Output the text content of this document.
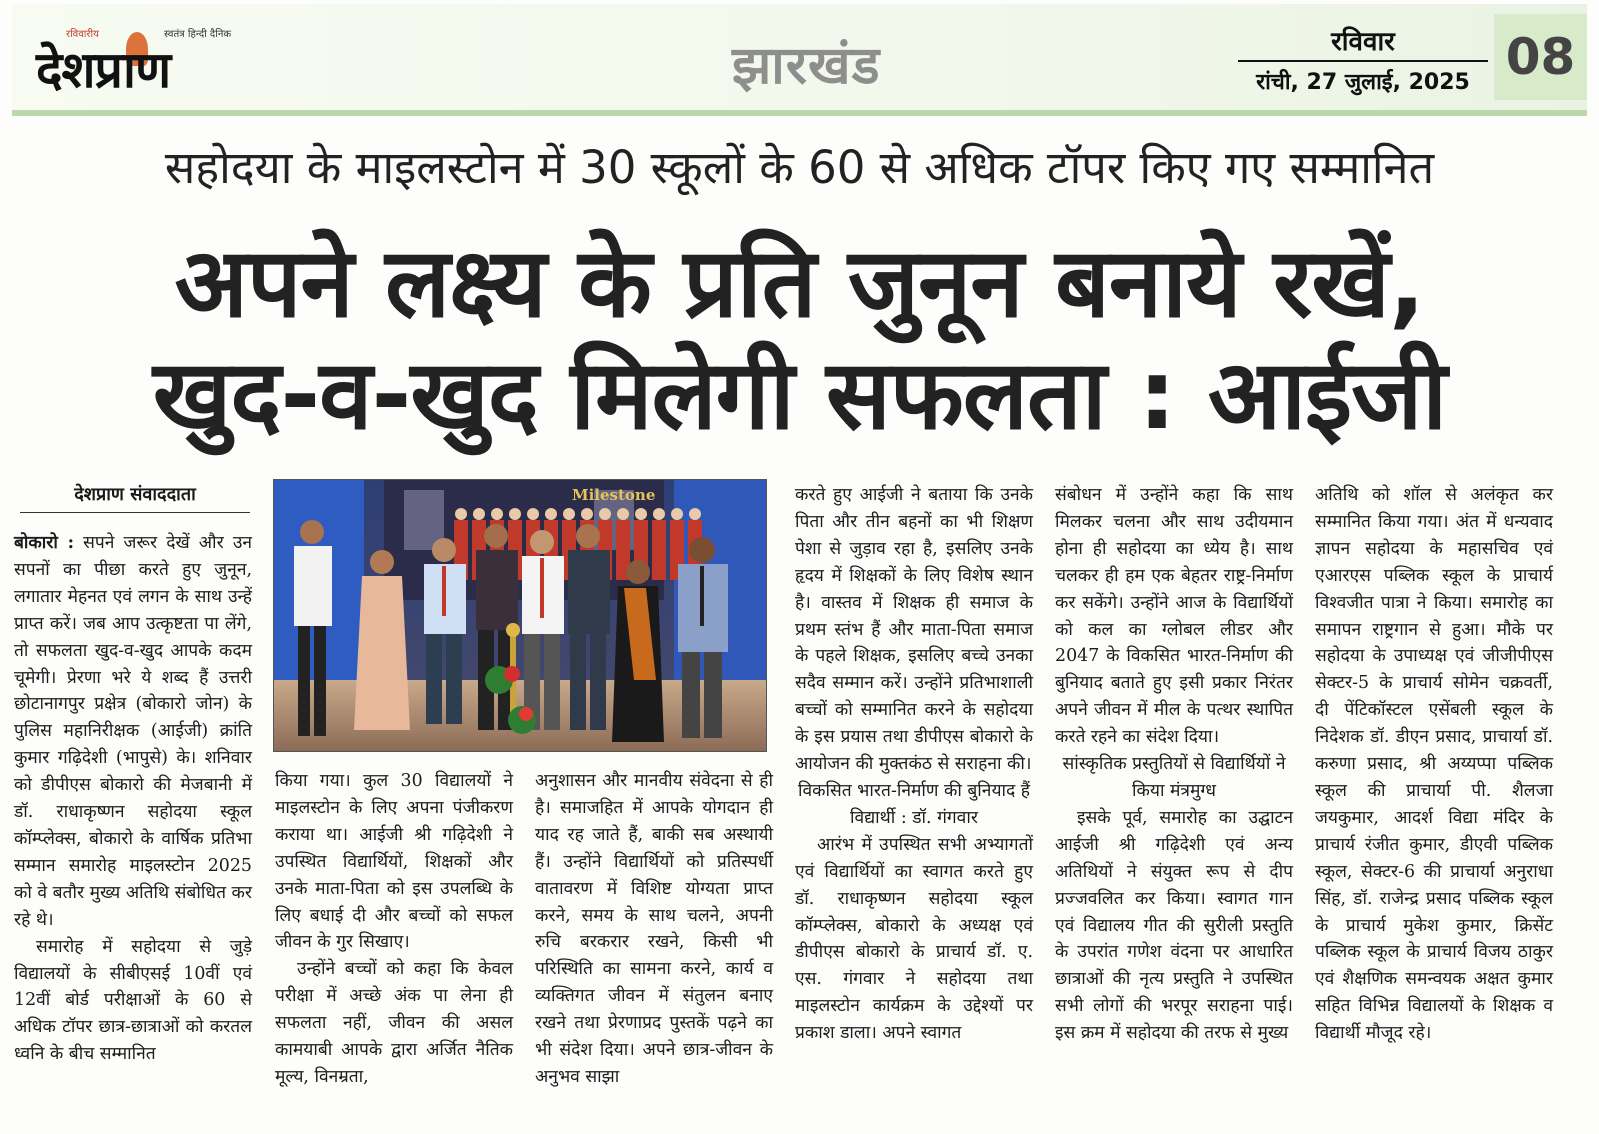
रविवारीय	स्वतंत्र हिन्दी दैनिक
देशप्राण	झारखंड	रविवार
रांची, 27 जुलाई, 2025 08
सहोदया के माइलस्टोन में 30 स्कूलों के 60 से अधिक टॉपर किए गए सम्मानित
अपने लक्ष्य के प्रति जुनून बनाये रखें,
खुद-व-खुद मिलेगी सफलता : आईजी
देशप्राण संवाददाता

बोकारो : सपने जरूर देखें और उन सपनों का पीछा करते हुए जुनून, लगातार मेहनत एवं लगन के साथ उन्हें प्राप्त करें। जब आप उत्कृष्टता पा लेंगे, तो सफलता खुद-व-खुद आपके कदम चूमेगी। प्रेरणा भरे ये शब्द हैं उत्तरी छोटानागपुर प्रक्षेत्र (बोकारो जोन) के पुलिस महानिरीक्षक (आईजी) क्रांति कुमार गढ़िदेशी (भापुसे) के। शनिवार को डीपीएस बोकारो की मेजबानी में डॉ. राधाकृष्णन सहोदया स्कूल कॉम्प्लेक्स, बोकारो के वार्षिक प्रतिभा सम्मान समारोह माइलस्टोन 2025 को वे बतौर मुख्य अतिथि संबोधित कर रहे थे।

समारोह में सहोदया से जुड़े विद्यालयों के सीबीएसई 10वीं एवं 12वीं बोर्ड परीक्षाओं के 60 से अधिक टॉपर छात्र-छात्राओं को करतल ध्वनि के बीच सम्मानित

Milestone

किया गया। कुल 30 विद्यालयों ने माइलस्टोन के लिए अपना पंजीकरण कराया था। आईजी श्री गढ़िदेशी ने उपस्थित विद्यार्थियों, शिक्षकों और उनके माता-पिता को इस उपलब्धि के लिए बधाई दी और बच्चों को सफल जीवन के गुर सिखाए।

उन्होंने बच्चों को कहा कि केवल परीक्षा में अच्छे अंक पा लेना ही सफलता नहीं, जीवन की असल कामयाबी आपके द्वारा अर्जित नैतिक मूल्य, विनम्रता,

अनुशासन और मानवीय संवेदना से ही है। समाजहित में आपके योगदान ही याद रह जाते हैं, बाकी सब अस्थायी हैं। उन्होंने विद्यार्थियों को प्रतिस्पर्धी वातावरण में विशिष्ट योग्यता प्राप्त करने, समय के साथ चलने, अपनी रुचि बरकरार रखने, किसी भी परिस्थिति का सामना करने, कार्य व व्यक्तिगत जीवन में संतुलन बनाए रखने तथा प्रेरणाप्रद पुस्तकें पढ़ने का भी संदेश दिया। अपने छात्र-जीवन के अनुभव साझा

करते हुए आईजी ने बताया कि उनके पिता और तीन बहनों का भी शिक्षण पेशा से जुड़ाव रहा है, इसलिए उनके हृदय में शिक्षकों के लिए विशेष स्थान है। वास्तव में शिक्षक ही समाज के प्रथम स्तंभ हैं और माता-पिता समाज के पहले शिक्षक, इसलिए बच्चे उनका सदैव सम्मान करें। उन्होंने प्रतिभाशाली बच्चों को सम्मानित करने के सहोदया के इस प्रयास तथा डीपीएस बोकारो के आयोजन की मुक्तकंठ से सराहना की।

विकसित भारत-निर्माण की बुनियाद हैं विद्यार्थी : डॉ. गंगवार

आरंभ में उपस्थित सभी अभ्यागतों एवं विद्यार्थियों का स्वागत करते हुए डॉ. राधाकृष्णन सहोदया स्कूल कॉम्प्लेक्स, बोकारो के अध्यक्ष एवं डीपीएस बोकारो के प्राचार्य डॉ. ए. एस. गंगवार ने सहोदया तथा माइलस्टोन कार्यक्रम के उद्देश्यों पर प्रकाश डाला। अपने स्वागत

संबोधन में उन्होंने कहा कि साथ मिलकर चलना और साथ उदीयमान होना ही सहोदया का ध्येय है। साथ चलकर ही हम एक बेहतर राष्ट्र-निर्माण कर सकेंगे। उन्होंने आज के विद्यार्थियों को कल का ग्लोबल लीडर और 2047 के विकसित भारत-निर्माण की बुनियाद बताते हुए इसी प्रकार निरंतर अपने जीवन में मील के पत्थर स्थापित करते रहने का संदेश दिया।

सांस्कृतिक प्रस्तुतियों से विद्यार्थियों ने किया मंत्रमुग्ध

इसके पूर्व, समारोह का उद्घाटन आईजी श्री गढ़िदेशी एवं अन्य अतिथियों ने संयुक्त रूप से दीप प्रज्जवलित कर किया। स्वागत गान एवं विद्यालय गीत की सुरीली प्रस्तुति के उपरांत गणेश वंदना पर आधारित छात्राओं की नृत्य प्रस्तुति ने उपस्थित सभी लोगों की भरपूर सराहना पाई। इस क्रम में सहोदया की तरफ से मुख्य

अतिथि को शॉल से अलंकृत कर सम्मानित किया गया। अंत में धन्यवाद ज्ञापन सहोदया के महासचिव एवं एआरएस पब्लिक स्कूल के प्राचार्य विश्वजीत पात्रा ने किया। समारोह का समापन राष्ट्रगान से हुआ। मौके पर सहोदया के उपाध्यक्ष एवं जीजीपीएस सेक्टर-5 के प्राचार्य सोमेन चक्रवर्ती, दी पेंटिकॉस्टल एसेंबली स्कूल के निदेशक डॉ. डीएन प्रसाद, प्राचार्या डॉ. करुणा प्रसाद, श्री अय्यप्पा पब्लिक स्कूल की प्राचार्या पी. शैलजा जयकुमार, आदर्श विद्या मंदिर के प्राचार्य रंजीत कुमार, डीएवी पब्लिक स्कूल, सेक्टर-6 की प्राचार्या अनुराधा सिंह, डॉ. राजेन्द्र प्रसाद पब्लिक स्कूल के प्राचार्य मुकेश कुमार, क्रिसेंट पब्लिक स्कूल के प्राचार्य विजय ठाकुर एवं शैक्षणिक समन्वयक अक्षत कुमार सहित विभिन्न विद्यालयों के शिक्षक व विद्यार्थी मौजूद रहे।
